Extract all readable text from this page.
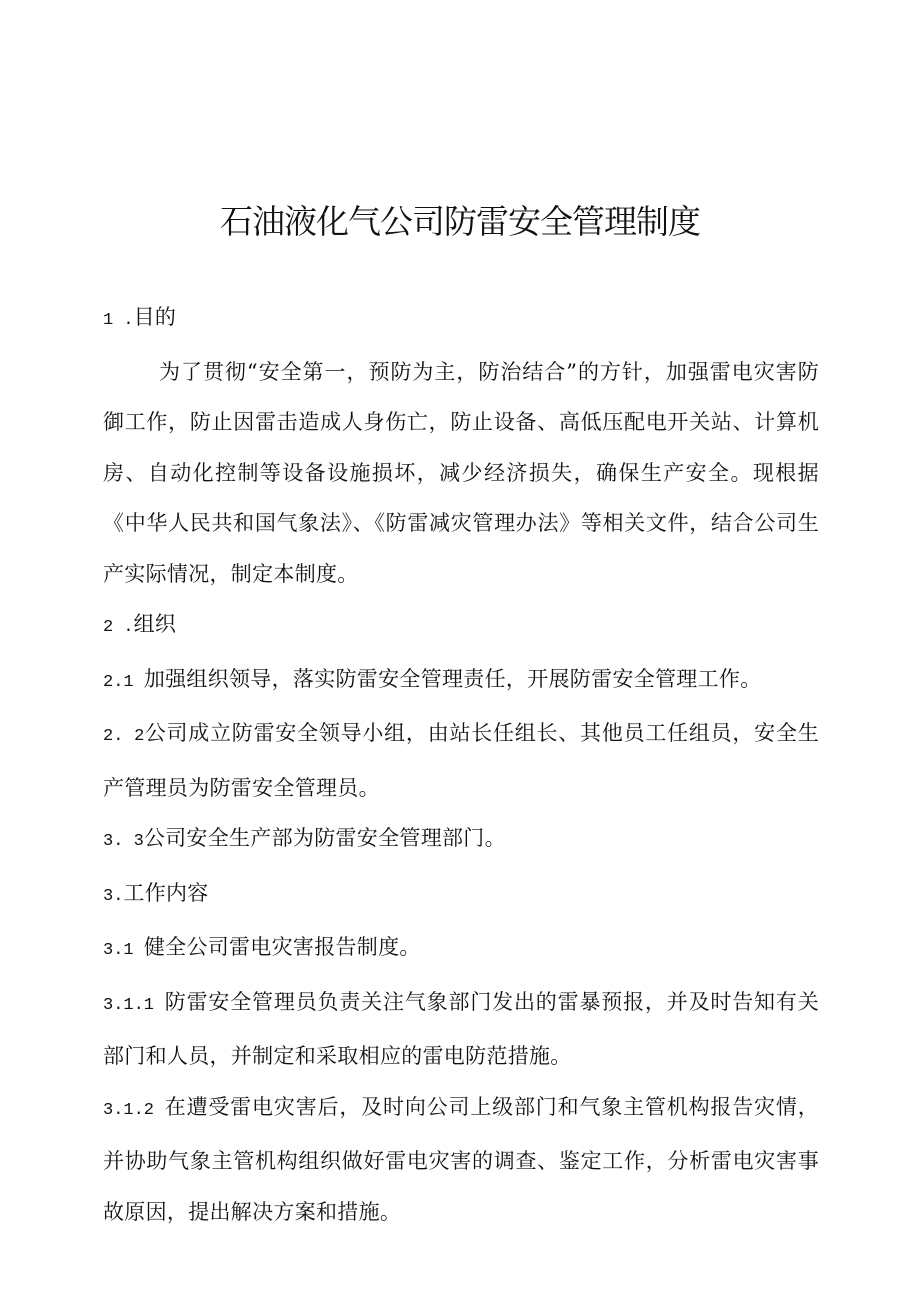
石油液化气公司防雷安全管理制度

1 .目的

为了贯彻“安全第一，预防为主，防治结合”的方针，加强雷电灾害防御工作，防止因雷击造成人身伤亡，防止设备、高低压配电开关站、计算机房、自动化控制等设备设施损坏，减少经济损失，确保生产安全。现根据《中华人民共和国气象法》、《防雷减灾管理办法》等相关文件，结合公司生产实际情况，制定本制度。

2 .组织

2.1 加强组织领导，落实防雷安全管理责任，开展防雷安全管理工作。

2. 2公司成立防雷安全领导小组，由站长任组长、其他员工任组员，安全生产管理员为防雷安全管理员。

3. 3公司安全生产部为防雷安全管理部门。

3.工作内容

3.1 健全公司雷电灾害报告制度。

3.1.1 防雷安全管理员负责关注气象部门发出的雷暴预报，并及时告知有关部门和人员，并制定和采取相应的雷电防范措施。

3.1.2 在遭受雷电灾害后，及时向公司上级部门和气象主管机构报告灾情，并协助气象主管机构组织做好雷电灾害的调查、鉴定工作，分析雷电灾害事故原因，提出解决方案和措施。
